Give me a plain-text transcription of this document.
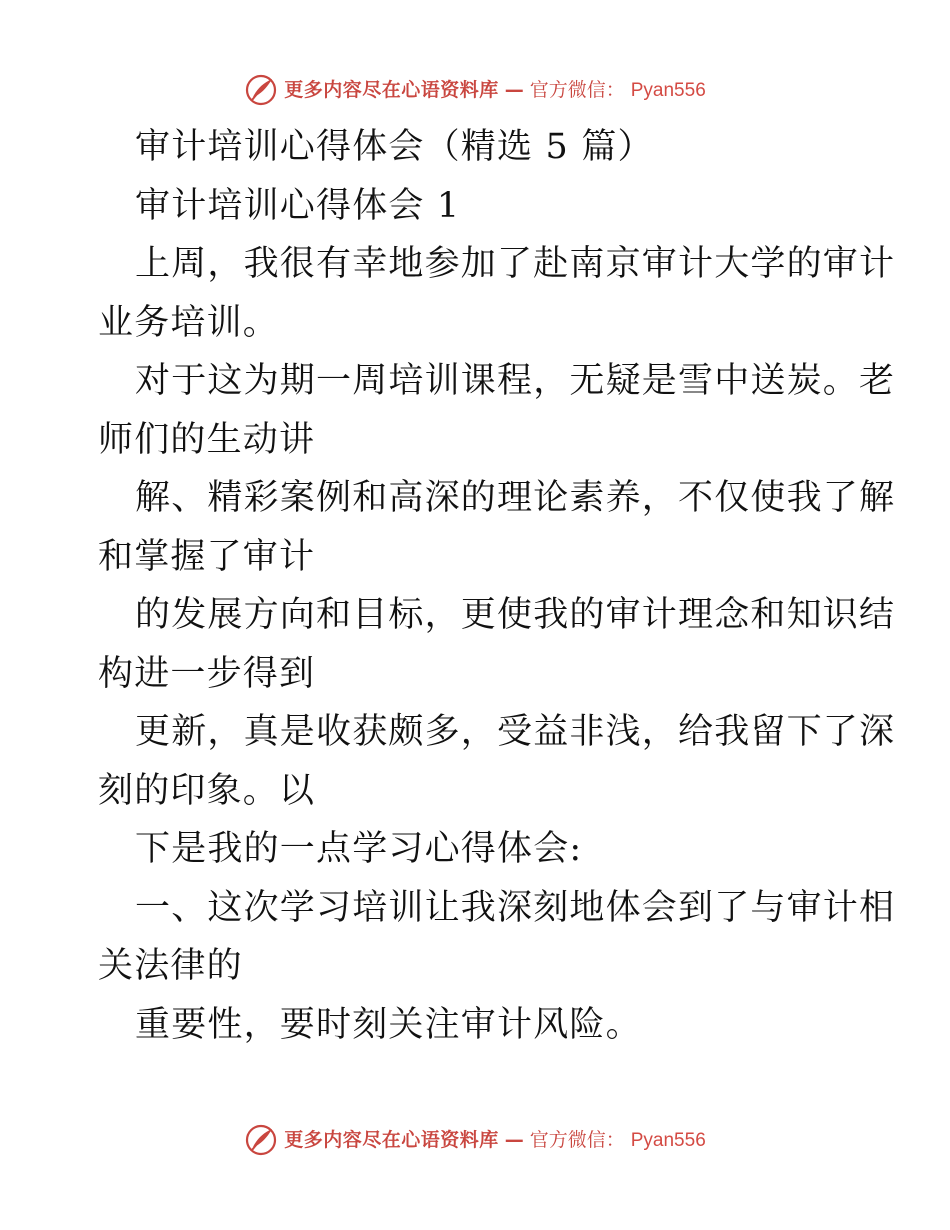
更多内容尽在心语资料库 — 官方微信： Pyan556
审计培训心得体会（精选 5 篇）
审计培训心得体会 1
上周，我很有幸地参加了赴南京审计大学的审计
业务培训。
对于这为期一周培训课程，无疑是雪中送炭。老
师们的生动讲
解、精彩案例和高深的理论素养，不仅使我了解
和掌握了审计
的发展方向和目标，更使我的审计理念和知识结
构进一步得到
更新，真是收获颇多，受益非浅，给我留下了深
刻的印象。以
下是我的一点学习心得体会:
一、这次学习培训让我深刻地体会到了与审计相
关法律的
重要性，要时刻关注审计风险。
更多内容尽在心语资料库 — 官方微信： Pyan556
